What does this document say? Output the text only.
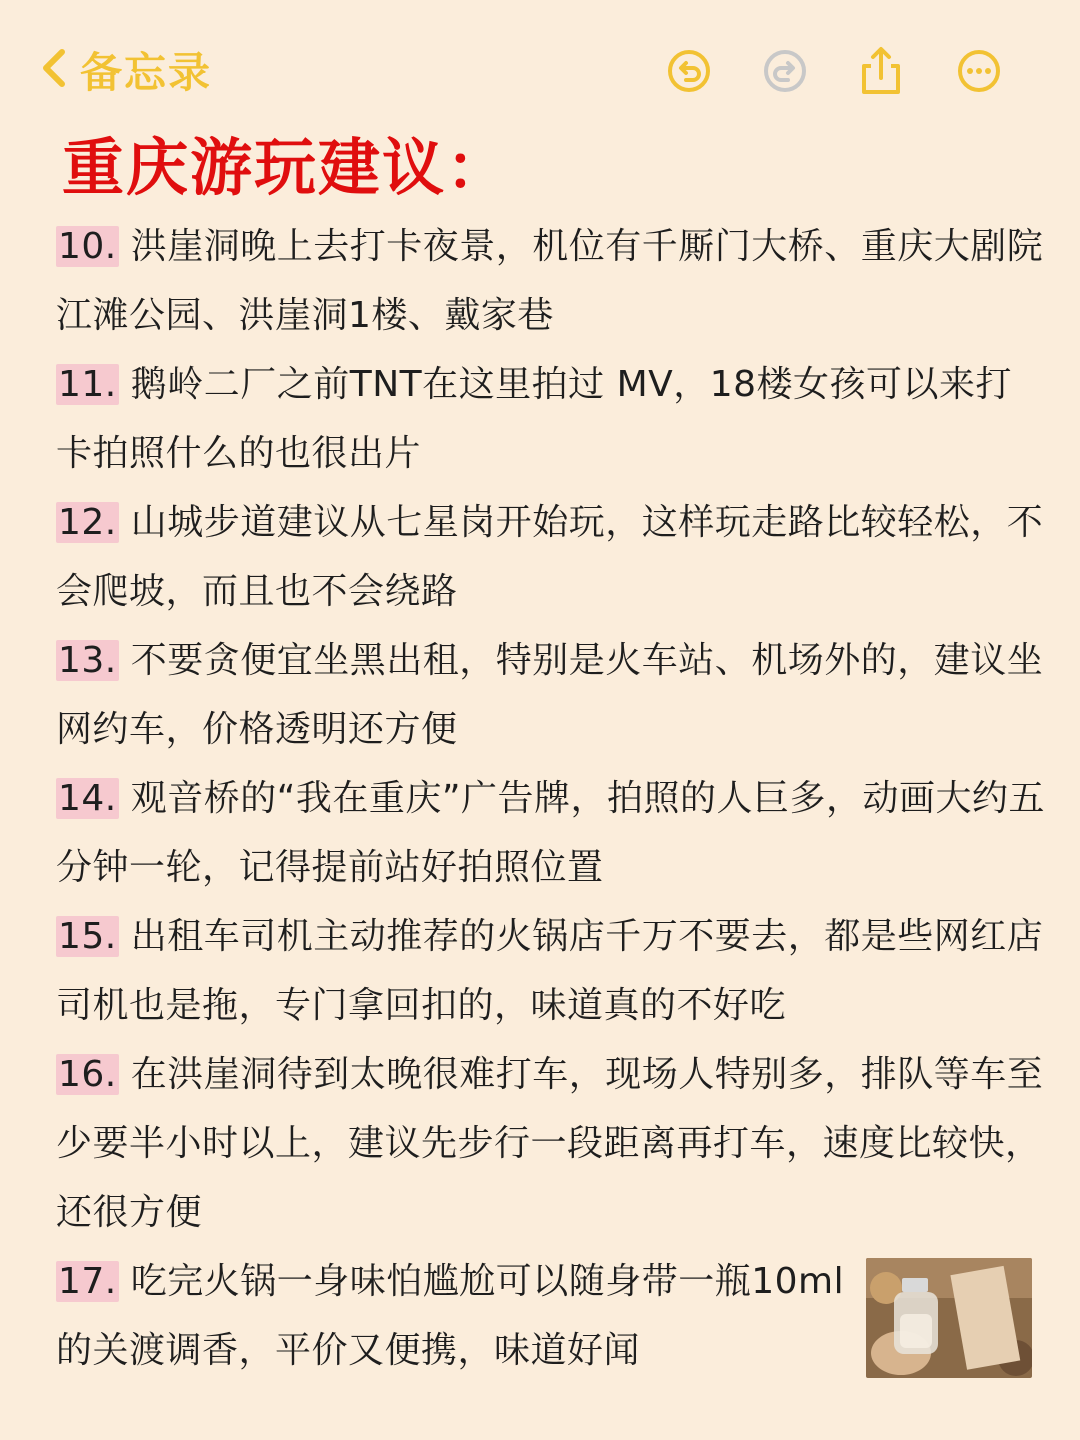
备忘录
重庆游玩建议：
10. 洪崖洞晚上去打卡夜景，机位有千厮门大桥、重庆大剧院江滩公园、洪崖洞1楼、戴家巷
11. 鹅岭二厂之前TNT在这里拍过 MV，18楼女孩可以来打卡拍照什么的也很出片
12. 山城步道建议从七星岗开始玩，这样玩走路比较轻松，不会爬坡，而且也不会绕路
13. 不要贪便宜坐黑出租，特别是火车站、机场外的，建议坐网约车，价格透明还方便
14. 观音桥的“我在重庆”广告牌，拍照的人巨多，动画大约五分钟一轮，记得提前站好拍照位置
15. 出租车司机主动推荐的火锅店千万不要去，都是些网红店司机也是拖，专门拿回扣的，味道真的不好吃
16. 在洪崖洞待到太晚很难打车，现场人特别多，排队等车至少要半小时以上，建议先步行一段距离再打车，速度比较快，还很方便
17. 吃完火锅一身味怕尴尬可以随身带一瓶10ml的关渡调香，平价又便携，味道好闻
